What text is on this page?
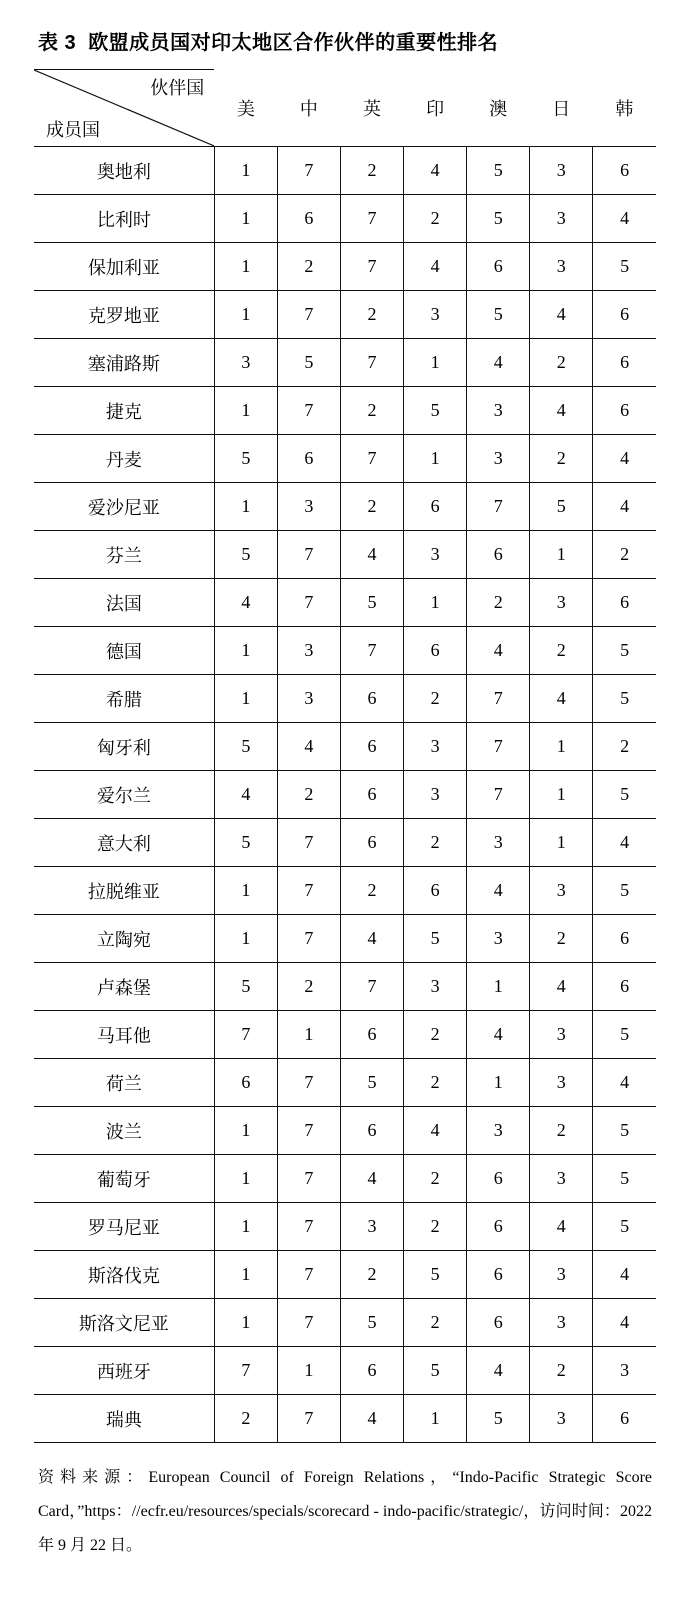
表 3 欧盟成员国对印太地区合作伙伴的重要性排名
伙伴国
成员国	美	中	英	印	澳	日	韩
奥地利	1	7	2	4	5	3	6
比利时	1	6	7	2	5	3	4
保加利亚	1	2	7	4	6	3	5
克罗地亚	1	7	2	3	5	4	6
塞浦路斯	3	5	7	1	4	2	6
捷克	1	7	2	5	3	4	6
丹麦	5	6	7	1	3	2	4
爱沙尼亚	1	3	2	6	7	5	4
芬兰	5	7	4	3	6	1	2
法国	4	7	5	1	2	3	6
德国	1	3	7	6	4	2	5
希腊	1	3	6	2	7	4	5
匈牙利	5	4	6	3	7	1	2
爱尔兰	4	2	6	3	7	1	5
意大利	5	7	6	2	3	1	4
拉脱维亚	1	7	2	6	4	3	5
立陶宛	1	7	4	5	3	2	6
卢森堡	5	2	7	3	1	4	6
马耳他	7	1	6	2	4	3	5
荷兰	6	7	5	2	1	3	4
波兰	1	7	6	4	3	2	5
葡萄牙	1	7	4	2	6	3	5
罗马尼亚	1	7	3	2	6	4	5
斯洛伐克	1	7	2	5	6	3	4
斯洛文尼亚	1	7	5	2	6	3	4
西班牙	7	1	6	5	4	2	3
瑞典	2	7	4	1	5	3	6
资料来源：European Council of Foreign Relations，“Indo-Pacific Strategic Score Card，”https：//ecfr.eu/resources/specials/scorecard - indo-pacific/strategic/，访问时间：2022 年 9 月 22 日。
